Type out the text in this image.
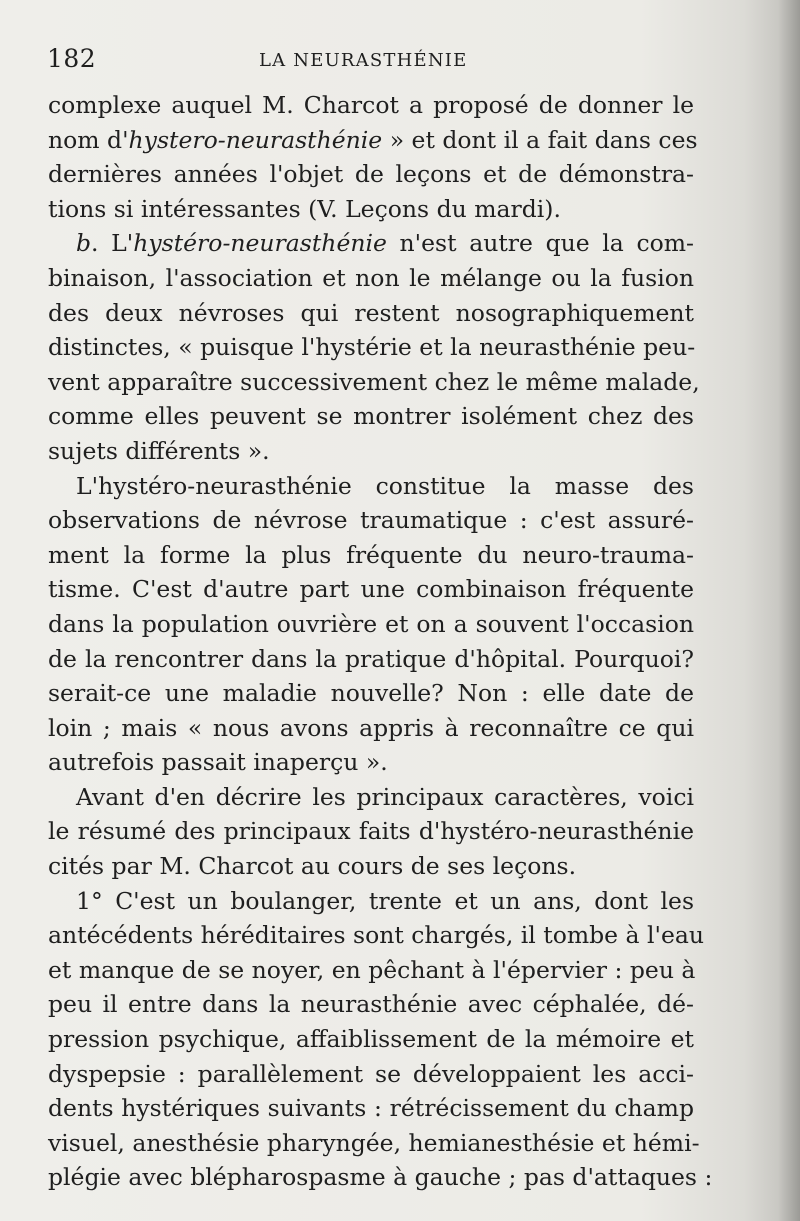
182	LA NEURASTHÉNIE
complexe auquel M. Charcot a proposé de donner le
nom d'hystero-neurasthénie » et dont il a fait dans ces
dernières années l'objet de leçons et de démonstra-
tions si intéressantes (V. Leçons du mardi).
b. L'hystéro-neurasthénie n'est autre que la com-
binaison, l'association et non le mélange ou la fusion
des deux névroses qui restent nosographiquement
distinctes, « puisque l'hystérie et la neurasthénie peu-
vent apparaître successivement chez le même malade,
comme elles peuvent se montrer isolément chez des
sujets différents ».
L'hystéro-neurasthénie constitue la masse des
observations de névrose traumatique : c'est assuré-
ment la forme la plus fréquente du neuro-trauma-
tisme. C'est d'autre part une combinaison fréquente
dans la population ouvrière et on a souvent l'occasion
de la rencontrer dans la pratique d'hôpital. Pourquoi?
serait-ce une maladie nouvelle? Non : elle date de
loin ; mais « nous avons appris à reconnaître ce qui
autrefois passait inaperçu ».
Avant d'en décrire les principaux caractères, voici
le résumé des principaux faits d'hystéro-neurasthénie
cités par M. Charcot au cours de ses leçons.
1° C'est un boulanger, trente et un ans, dont les
antécédents héréditaires sont chargés, il tombe à l'eau
et manque de se noyer, en pêchant à l'épervier : peu à
peu il entre dans la neurasthénie avec céphalée, dé-
pression psychique, affaiblissement de la mémoire et
dyspepsie : parallèlement se développaient les acci-
dents hystériques suivants : rétrécissement du champ
visuel, anesthésie pharyngée, hemianesthésie et hémi-
plégie avec blépharospasme à gauche ; pas d'attaques :
